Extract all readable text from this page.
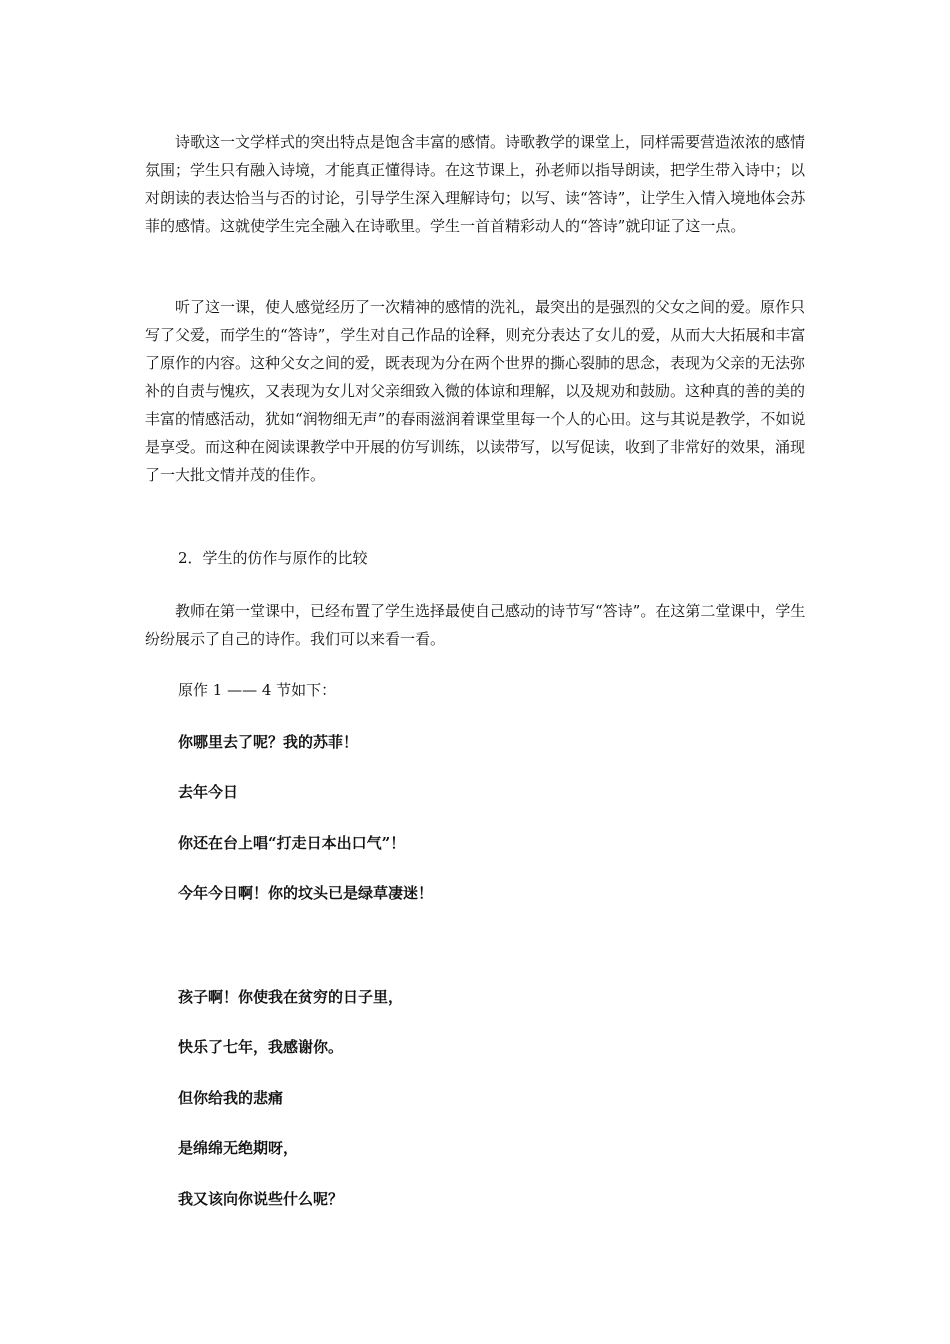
诗歌这一文学样式的突出特点是饱含丰富的感情。诗歌教学的课堂上，同样需要营造浓浓的感情氛围；学生只有融入诗境，才能真正懂得诗。在这节课上，孙老师以指导朗读，把学生带入诗中；以对朗读的表达恰当与否的讨论，引导学生深入理解诗句；以写、读“答诗”，让学生入情入境地体会苏菲的感情。这就使学生完全融入在诗歌里。学生一首首精彩动人的“答诗”就印证了这一点。

听了这一课，使人感觉经历了一次精神的感情的洗礼，最突出的是强烈的父女之间的爱。原作只写了父爱，而学生的“答诗”，学生对自己作品的诠释，则充分表达了女儿的爱，从而大大拓展和丰富了原作的内容。这种父女之间的爱，既表现为分在两个世界的撕心裂肺的思念，表现为父亲的无法弥补的自责与愧疚，又表现为女儿对父亲细致入微的体谅和理解，以及规劝和鼓励。这种真的善的美的丰富的情感活动，犹如“润物细无声”的春雨滋润着课堂里每一个人的心田。这与其说是教学，不如说是享受。而这种在阅读课教学中开展的仿写训练，以读带写，以写促读，收到了非常好的效果，涌现了一大批文情并茂的佳作。

2．学生的仿作与原作的比较

教师在第一堂课中，已经布置了学生选择最使自己感动的诗节写“答诗”。在这第二堂课中，学生纷纷展示了自己的诗作。我们可以来看一看。

原作 1 —— 4 节如下：

你哪里去了呢？我的苏菲！

去年今日

你还在台上唱“打走日本出口气”！

今年今日啊！你的坟头已是绿草凄迷！

孩子啊！你使我在贫穷的日子里，

快乐了七年，我感谢你。

但你给我的悲痛

是绵绵无绝期呀，

我又该向你说些什么呢？
